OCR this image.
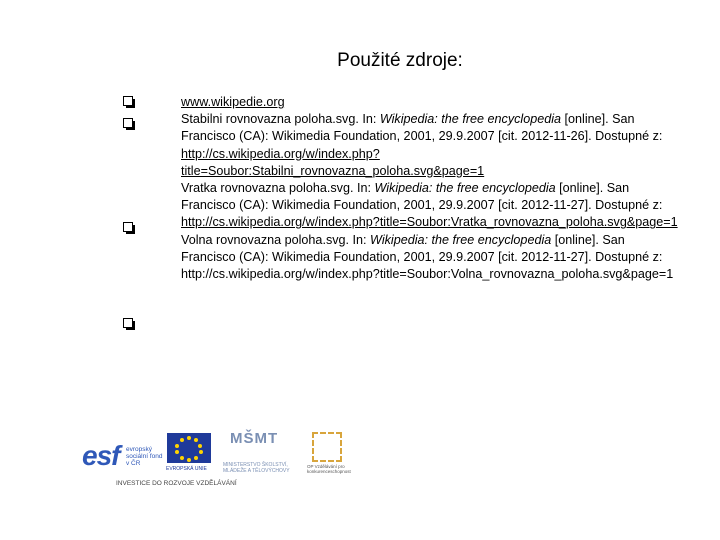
Použité zdroje:

www.wikipedie.org

Stabilni rovnovazna poloha.svg. In: Wikipedia: the free encyclopedia [online]. San Francisco (CA): Wikimedia Foundation, 2001, 29.9.2007 [cit. 2012-11-26]. Dostupné z: http://cs.wikipedia.org/w/index.php?title=Soubor:Stabilni_rovnovazna_poloha.svg&page=1

Vratka rovnovazna poloha.svg. In: Wikipedia: the free encyclopedia [online]. San Francisco (CA): Wikimedia Foundation, 2001, 29.9.2007 [cit. 2012-11-27]. Dostupné z: http://cs.wikipedia.org/w/index.php?title=Soubor:Vratka_rovnovazna_poloha.svg&page=1

Volna rovnovazna poloha.svg. In: Wikipedia: the free encyclopedia [online]. San Francisco (CA): Wikimedia Foundation, 2001, 29.9.2007 [cit. 2012-11-27]. Dostupné z: http://cs.wikipedia.org/w/index.php?title=Soubor:Volna_rovnovazna_poloha.svg&page=1

esf evropský sociální fond v ČR
EVROPSKÁ UNIE
MŠMT
MINISTERSTVO ŠKOLSTVÍ, MLÁDEŽE A TĚLOVÝCHOVY
OP Vzdělávání pro konkurenceschopnost
INVESTICE DO ROZVOJE VZDĚLÁVÁNÍ
